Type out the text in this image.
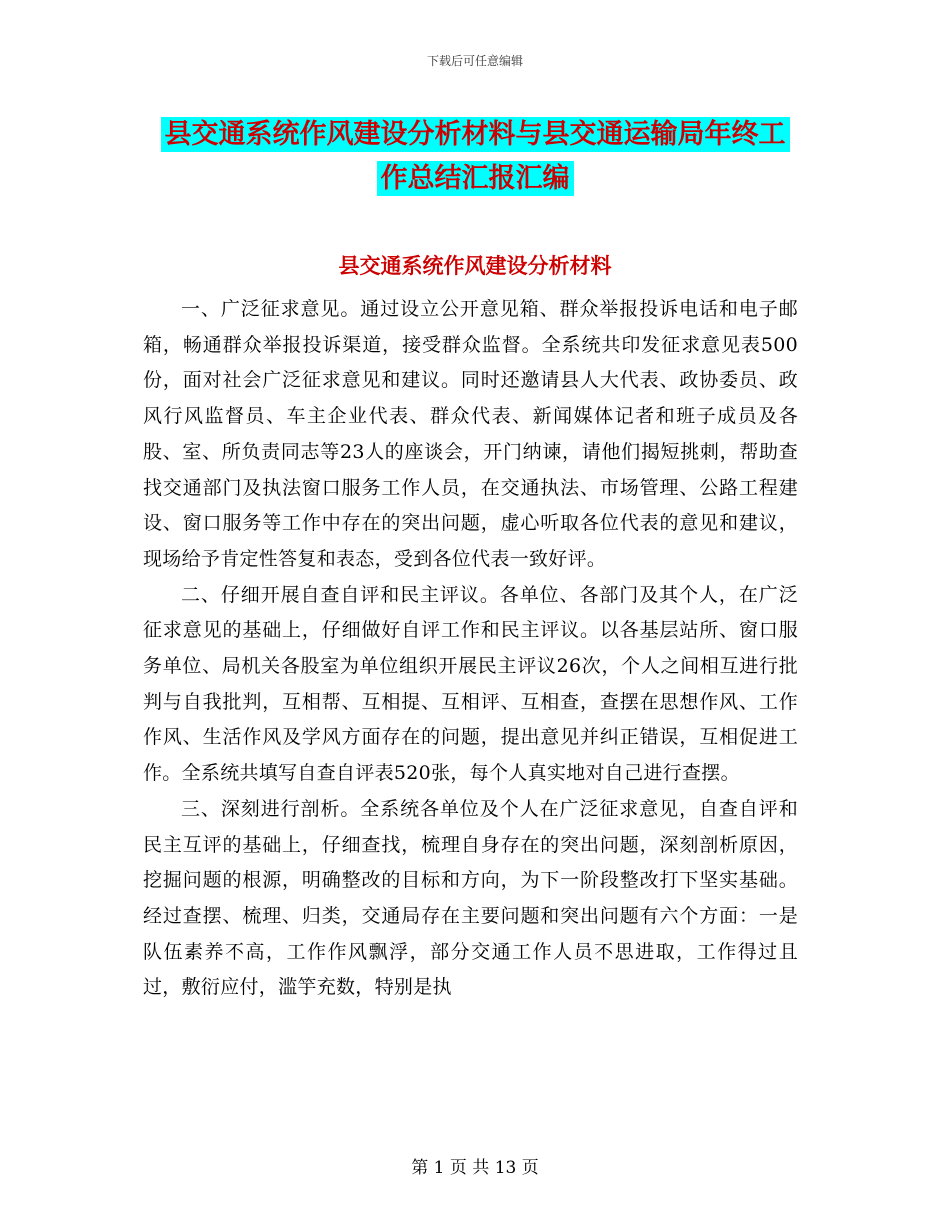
下载后可任意编辑
县交通系统作风建设分析材料与县交通运输局年终工
作总结汇报汇编
县交通系统作风建设分析材料

一、广泛征求意见。通过设立公开意见箱、群众举报投诉电话和电子邮箱，畅通群众举报投诉渠道，接受群众监督。全系统共印发征求意见表500份，面对社会广泛征求意见和建议。同时还邀请县人大代表、政协委员、政风行风监督员、车主企业代表、群众代表、新闻媒体记者和班子成员及各股、室、所负责同志等23人的座谈会，开门纳谏，请他们揭短挑刺，帮助查找交通部门及执法窗口服务工作人员，在交通执法、市场管理、公路工程建设、窗口服务等工作中存在的突出问题，虚心听取各位代表的意见和建议，现场给予肯定性答复和表态，受到各位代表一致好评。

二、仔细开展自查自评和民主评议。各单位、各部门及其个人，在广泛征求意见的基础上，仔细做好自评工作和民主评议。以各基层站所、窗口服务单位、局机关各股室为单位组织开展民主评议26次，个人之间相互进行批判与自我批判，互相帮、互相提、互相评、互相查，查摆在思想作风、工作作风、生活作风及学风方面存在的问题，提出意见并纠正错误，互相促进工作。全系统共填写自查自评表520张，每个人真实地对自己进行查摆。

三、深刻进行剖析。全系统各单位及个人在广泛征求意见，自查自评和民主互评的基础上，仔细查找，梳理自身存在的突出问题，深刻剖析原因，挖掘问题的根源，明确整改的目标和方向，为下一阶段整改打下坚实基础。经过查摆、梳理、归类，交通局存在主要问题和突出问题有六个方面：一是队伍素养不高，工作作风飘浮，部分交通工作人员不思进取，工作得过且过，敷衍应付，滥竽充数，特别是执

第 1 页 共 13 页
